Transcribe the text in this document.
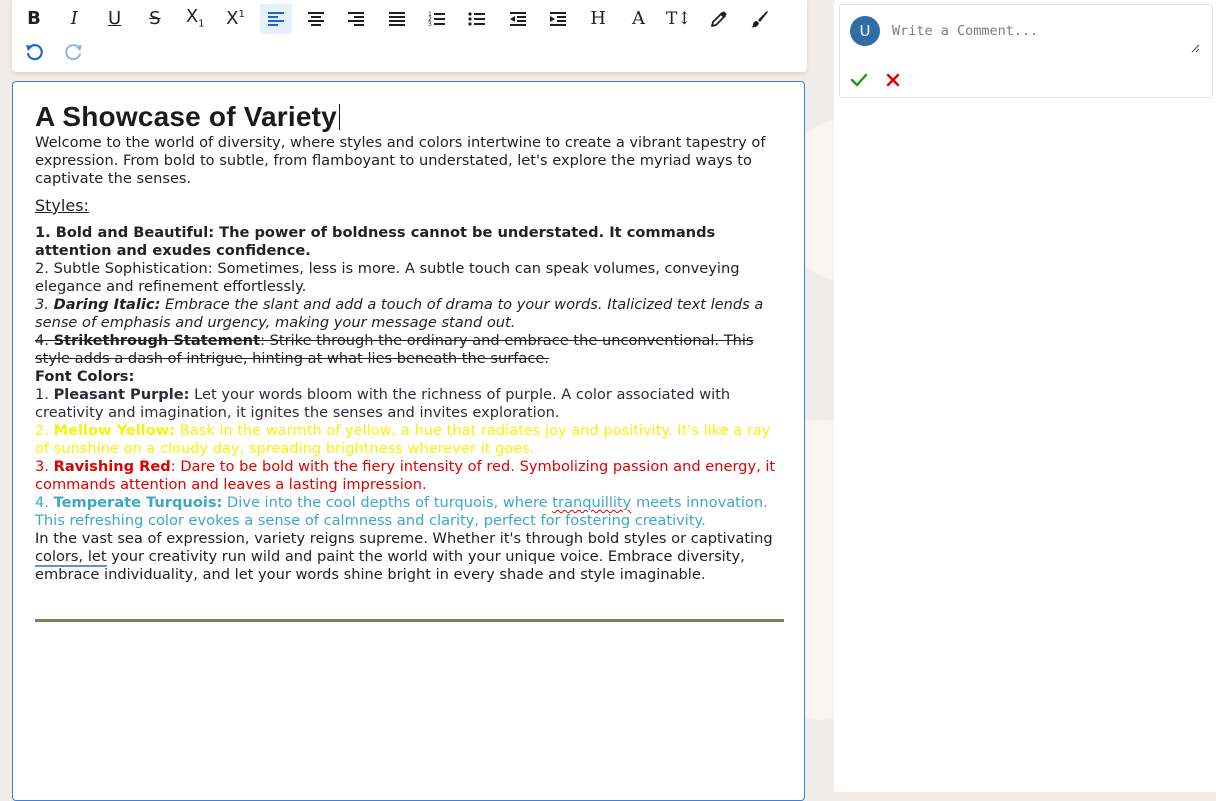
B I U S $X_1$ $X^1$	1
2
3	H A T↕
A Showcase of Variety

Welcome to the world of diversity, where styles and colors intertwine to create a vibrant tapestry of expression. From bold to subtle, from flamboyant to understated, let's explore the myriad ways to captivate the senses.

Styles:

1. Bold and Beautiful: The power of boldness cannot be understated. It commands attention and exudes confidence.

2. Subtle Sophistication: Sometimes, less is more. A subtle touch can speak volumes, conveying elegance and refinement effortlessly.

3. Daring Italic: Embrace the slant and add a touch of drama to your words. Italicized text lends a sense of emphasis and urgency, making your message stand out.

4. Strikethrough Statement: Strike through the ordinary and embrace the unconventional. This style adds a dash of intrigue, hinting at what lies beneath the surface.

Font Colors:

1. Pleasant Purple: Let your words bloom with the richness of purple. A color associated with creativity and imagination, it ignites the senses and invites exploration.

2. Mellow Yellow: Bask in the warmth of yellow, a hue that radiates joy and positivity. It's like a ray of sunshine on a cloudy day, spreading brightness wherever it goes.

3. Ravishing Red: Dare to be bold with the fiery intensity of red. Symbolizing passion and energy, it commands attention and leaves a lasting impression.

4. Temperate Turquois: Dive into the cool depths of turquois, where tranquillity meets innovation. This refreshing color evokes a sense of calmness and clarity, perfect for fostering creativity.

In the vast sea of expression, variety reigns supreme. Whether it's through bold styles or captivating colors, let your creativity run wild and paint the world with your unique voice. Embrace diversity, embrace individuality, and let your words shine bright in every shade and style imaginable.

U
Write a Comment...
